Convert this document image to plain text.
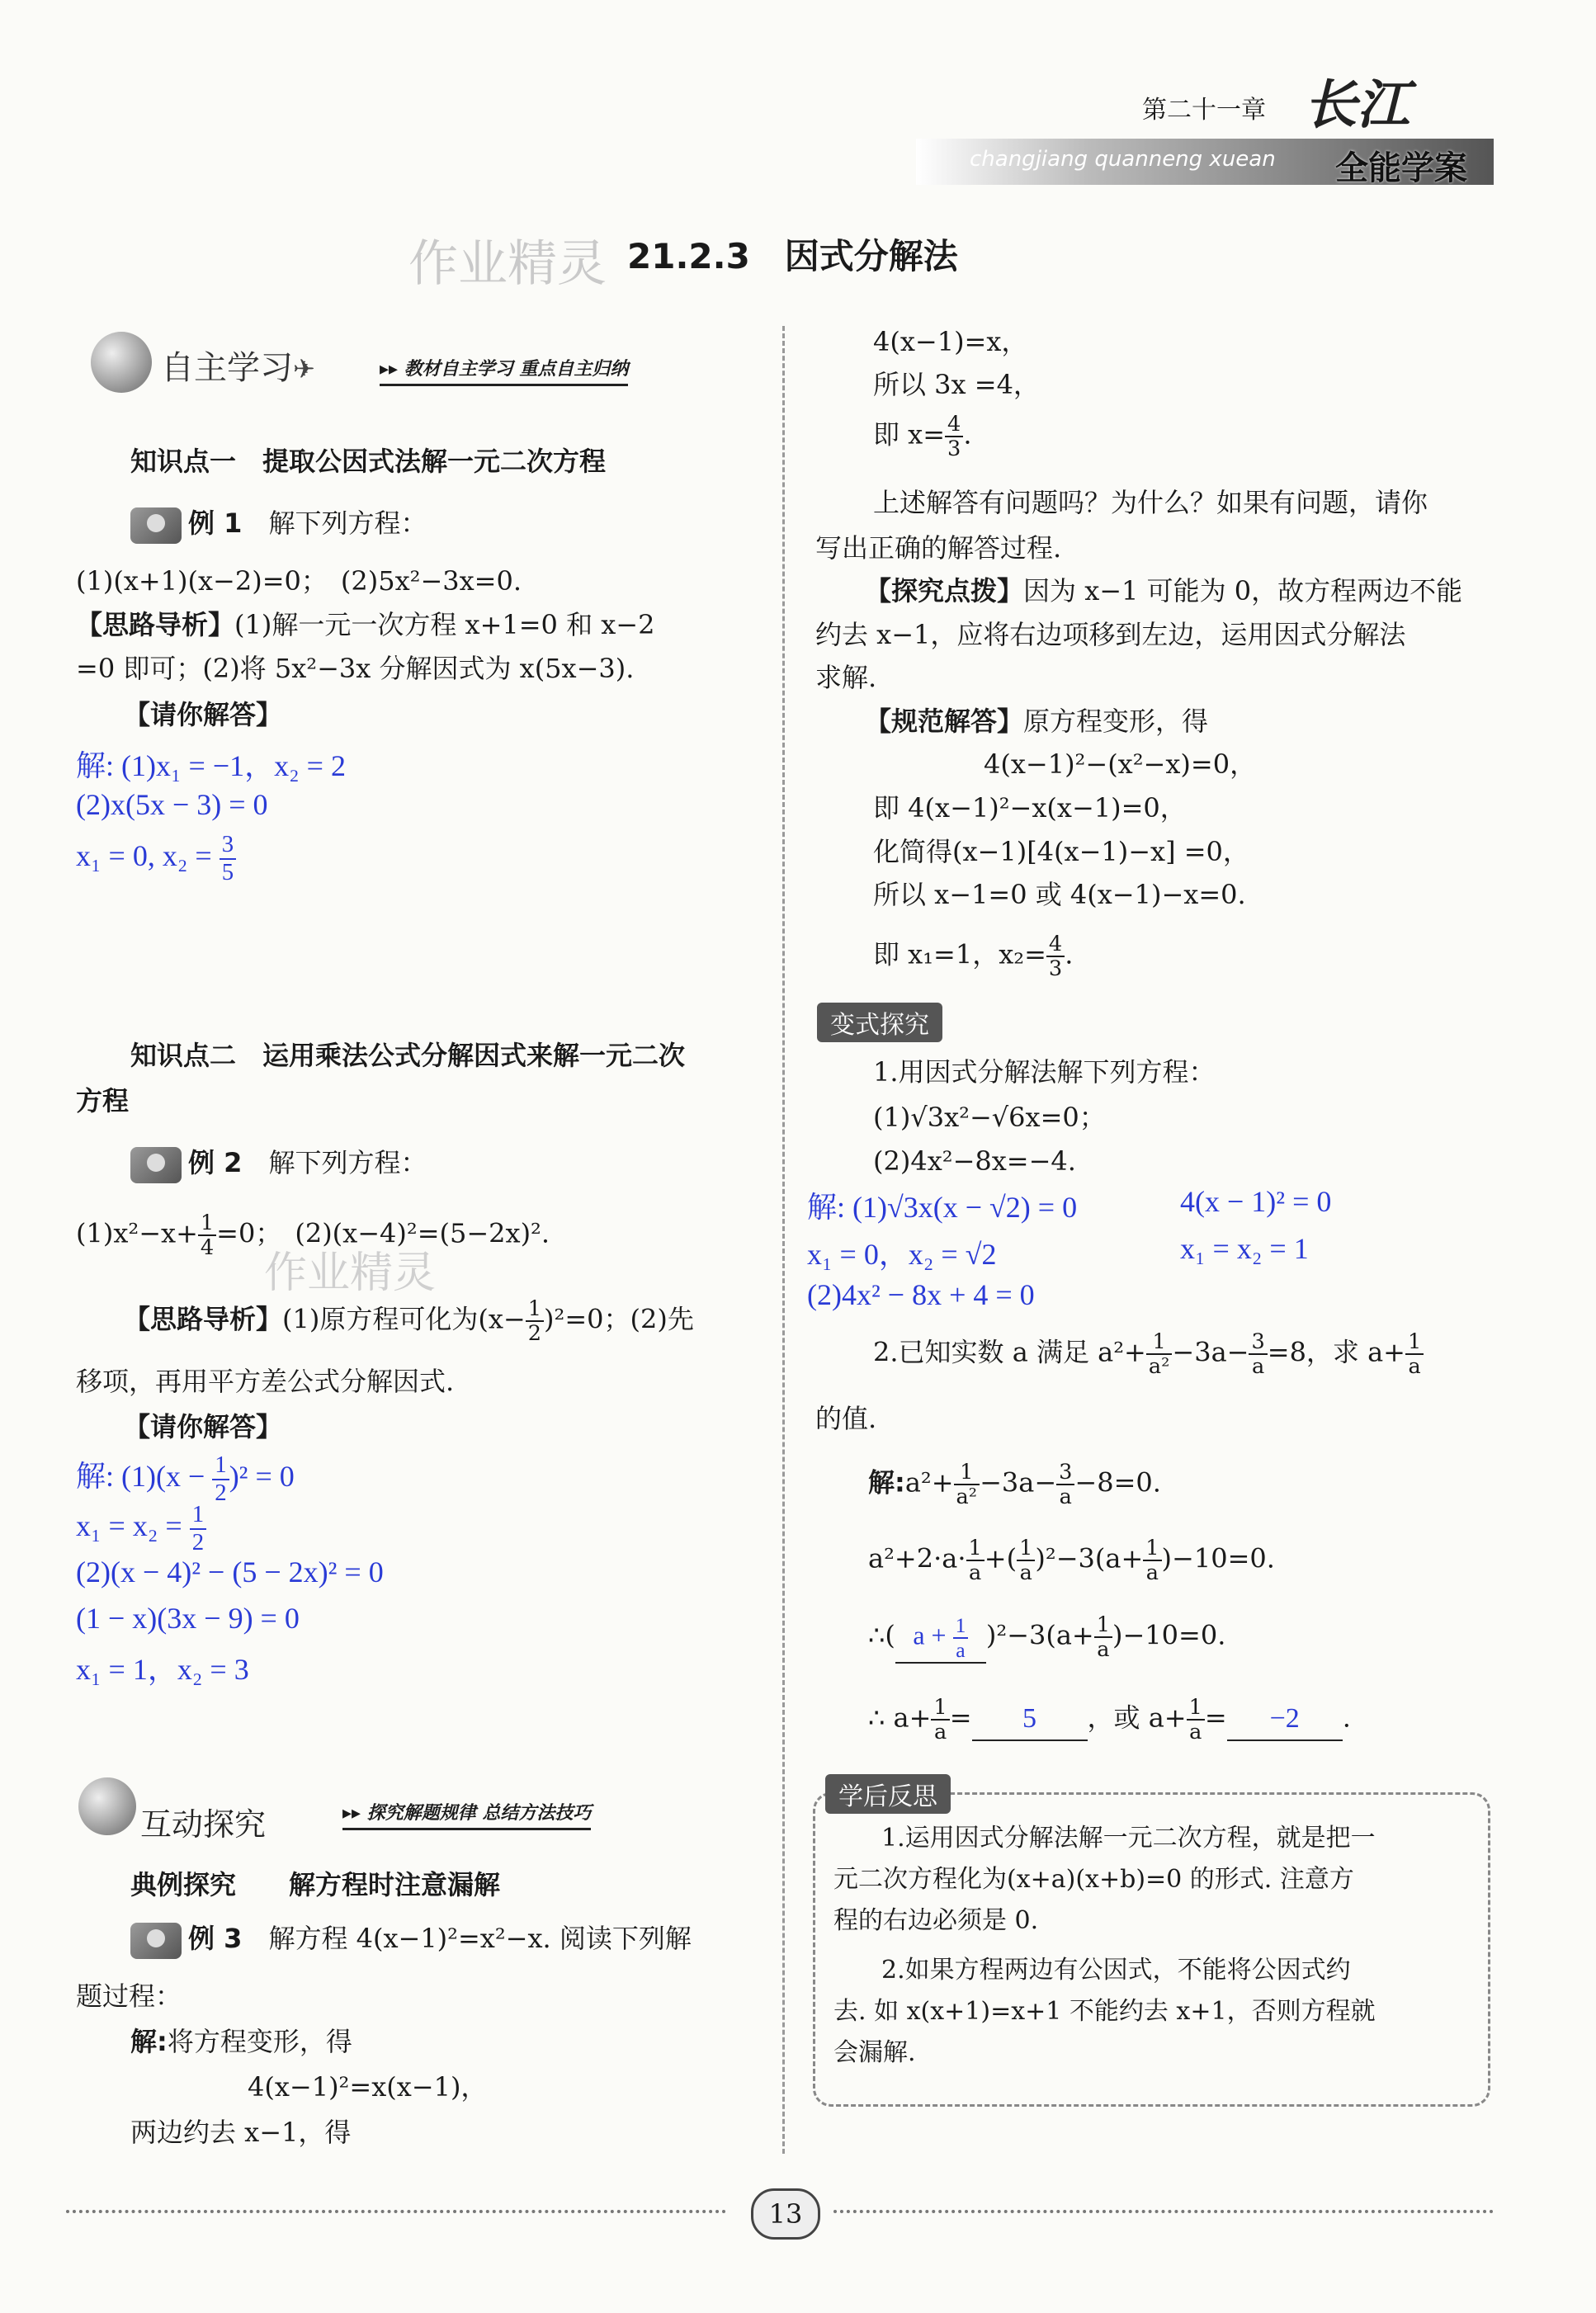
第二十一章
changjiang quanneng xuean
长江
全能学案
作业精灵 21.2.3　因式分解法
自主学习 ✈	▸▸ 教材自主学习 重点自主归纳
知识点一　提取公因式法解一元二次方程
例 1　 解下列方程：
(1)(x+1)(x−2)=0；　(2)5x²−3x=0.
【思路导析】(1)解一元一次方程 x+1=0 和 x−2
=0 即可；(2)将 5x²−3x 分解因式为 x(5x−3).
【请你解答】
解: (1)x₁ = −1，x₂ = 2
(2)x(5x − 3) = 0
x₁ = 0, $x_2 = \frac{3}{5}$
知识点二　运用乘法公式分解因式来解一元二次
方程
例 2　 解下列方程：
$(1)x^2-x+ \frac{1}{4} =0$；　(2)(x−4)²=(5−2x)².
作业精灵
【思路导析】(1)原方程可化为$(x- \frac{1}{2} )^2=0$；(2)先
移项，再用平方差公式分解因式.
【请你解答】
解: $(1)(x - \frac{1}{2} )^2 = 0$
$x_1 = x_2 = \frac{1}{2}$
(2)(x − 4)² − (5 − 2x)² = 0
(1 − x)(3x − 9) = 0
x₁ = 1，x₂ = 3
互动探究	▸▸ 探究解题规律 总结方法技巧
典例探究　　解方程时注意漏解
例 3　 解方程 4(x−1)²=x²−x. 阅读下列解
题过程：
解:将方程变形，得
4(x−1)²=x(x−1)，
两边约去 x−1，得
4(x−1)=x，
所以 3x =4，
即 $x= \frac{4}{3}$ .
上述解答有问题吗？为什么？如果有问题，请你
写出正确的解答过程.
【探究点拨】因为 x−1 可能为 0，故方程两边不能
约去 x−1，应将右边项移到左边，运用因式分解法
求解.
【规范解答】原方程变形，得
4(x−1)²−(x²−x)=0，
即 4(x−1)²−x(x−1)=0，
化简得(x−1)[4(x−1)−x] =0，
所以 x−1=0 或 4(x−1)−x=0.
即 x₁=1，$x_2= \frac{4}{3}$ .
变式探究
1.用因式分解法解下列方程：
(1)√3x²−√6x=0；
(2)4x²−8x=−4.
解: (1)√3x(x − √2) = 0
x₁ = 0，x₂ = √2
(2)4x² − 8x + 4 = 0
4(x − 1)² = 0
x₁ = x₂ = 1
2.已知实数 a 满足 $a^2+ \frac{1}{\text{a²}} -3a- \frac{3}{a} =8$，求 $a+ \frac{1}{a}$
的值.
解:a²+ $\frac{1}{\text{a²}} -3a- \frac{3}{a} -8=0$.
$a^2+2\cdot a\cdot \frac{1}{a}$ +( $\frac{1}{a} )^2-3(a+ \frac{1}{a} )-10=0$.
∴( $a + \frac{1}{a} )^2-3(a+ \frac{1}{a} )-10=0$.
∴ $a+ \frac{1}{a} = 5$ ，或 $a+ \frac{1}{a} = -2$ .
学后反思
1.运用因式分解法解一元二次方程，就是把一
元二次方程化为(x+a)(x+b)=0 的形式. 注意方
程的右边必须是 0.
2.如果方程两边有公因式，不能将公因式约
去. 如 x(x+1)=x+1 不能约去 x+1，否则方程就
会漏解.
13
